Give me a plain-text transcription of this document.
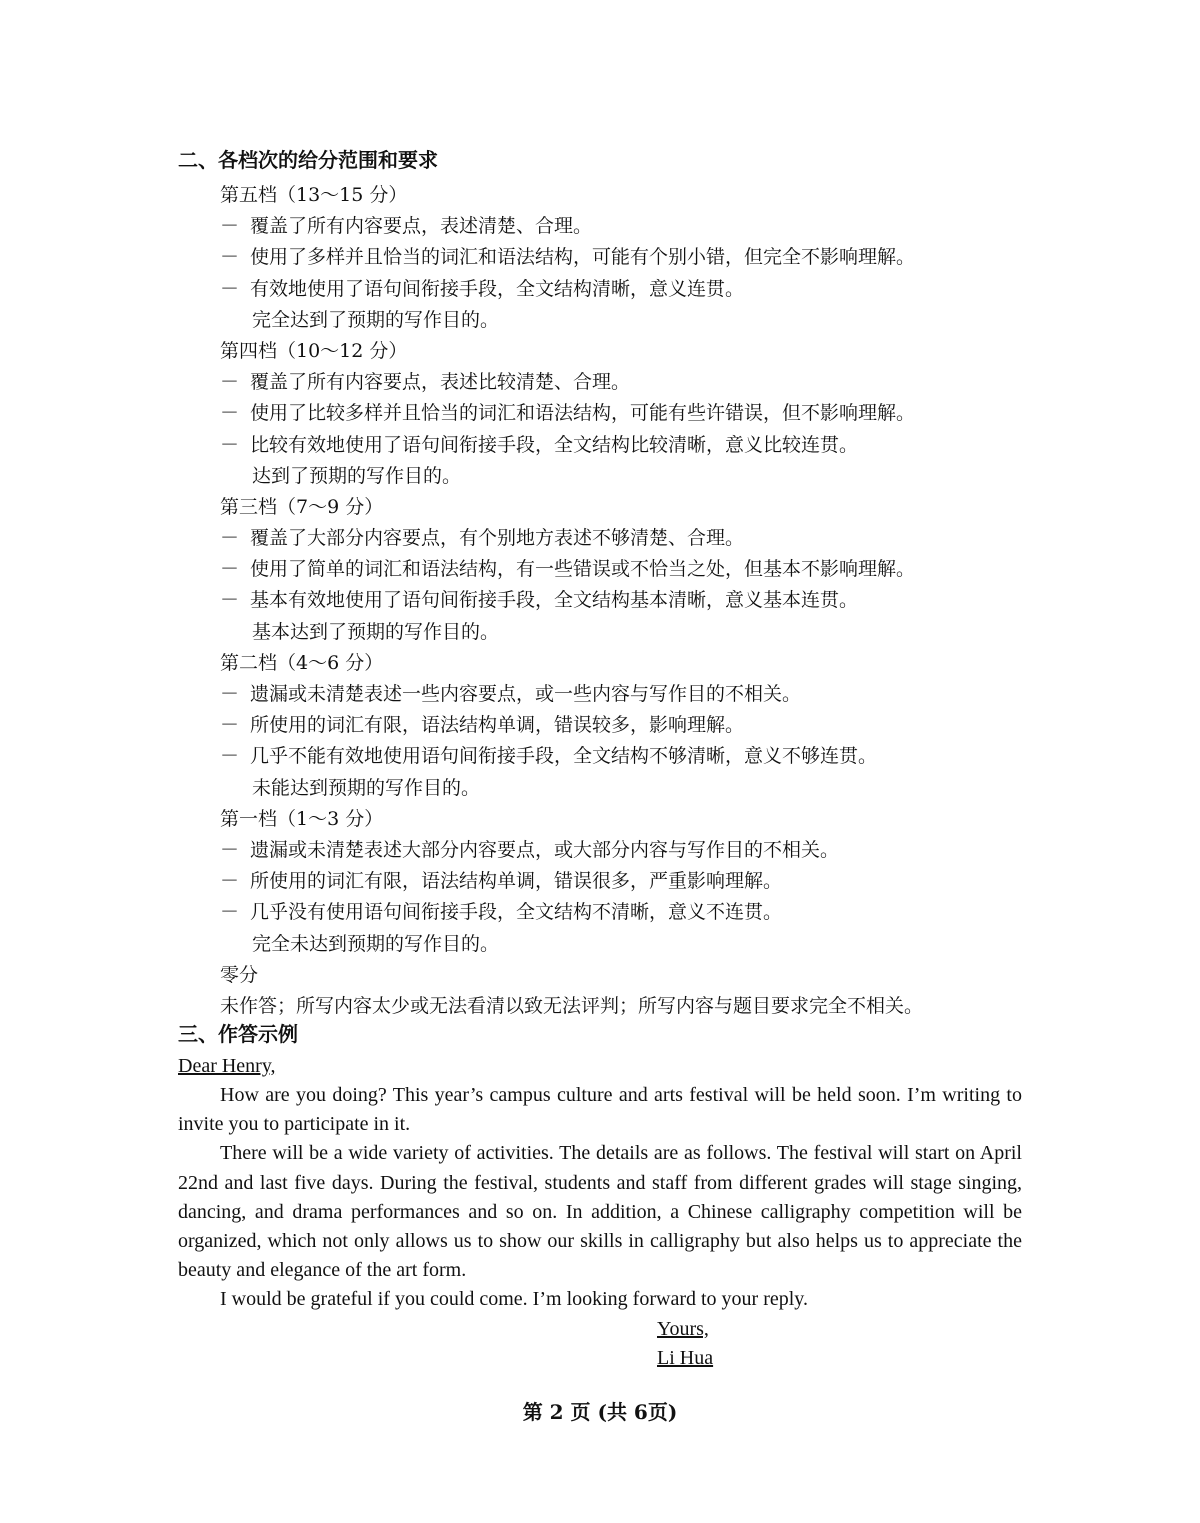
二、各档次的给分范围和要求
第五档（13～15 分）
－ 覆盖了所有内容要点，表述清楚、合理。
－ 使用了多样并且恰当的词汇和语法结构，可能有个别小错，但完全不影响理解。
－ 有效地使用了语句间衔接手段，全文结构清晰，意义连贯。
完全达到了预期的写作目的。
第四档（10～12 分）
－ 覆盖了所有内容要点，表述比较清楚、合理。
－ 使用了比较多样并且恰当的词汇和语法结构，可能有些许错误，但不影响理解。
－ 比较有效地使用了语句间衔接手段，全文结构比较清晰，意义比较连贯。
达到了预期的写作目的。
第三档（7～9 分）
－ 覆盖了大部分内容要点，有个别地方表述不够清楚、合理。
－ 使用了简单的词汇和语法结构，有一些错误或不恰当之处，但基本不影响理解。
－ 基本有效地使用了语句间衔接手段，全文结构基本清晰，意义基本连贯。
基本达到了预期的写作目的。
第二档（4～6 分）
－ 遗漏或未清楚表述一些内容要点，或一些内容与写作目的不相关。
－ 所使用的词汇有限，语法结构单调，错误较多，影响理解。
－ 几乎不能有效地使用语句间衔接手段，全文结构不够清晰，意义不够连贯。
未能达到预期的写作目的。
第一档（1～3 分）
－ 遗漏或未清楚表述大部分内容要点，或大部分内容与写作目的不相关。
－ 所使用的词汇有限，语法结构单调，错误很多，严重影响理解。
－ 几乎没有使用语句间衔接手段，全文结构不清晰，意义不连贯。
完全未达到预期的写作目的。
零分
未作答；所写内容太少或无法看清以致无法评判；所写内容与题目要求完全不相关。
三、作答示例
Dear Henry,

How are you doing? This year’s campus culture and arts festival will be held soon. I’m writing to invite you to participate in it.

There will be a wide variety of activities. The details are as follows. The festival will start on April 22nd and last five days. During the festival, students and staff from different grades will stage singing, dancing, and drama performances and so on. In addition, a Chinese calligraphy competition will be organized, which not only allows us to show our skills in calligraphy but also helps us to appreciate the beauty and elegance of the art form.

I would be grateful if you could come. I’m looking forward to your reply.

Yours,
Li Hua
第 2 页 (共 6页)
